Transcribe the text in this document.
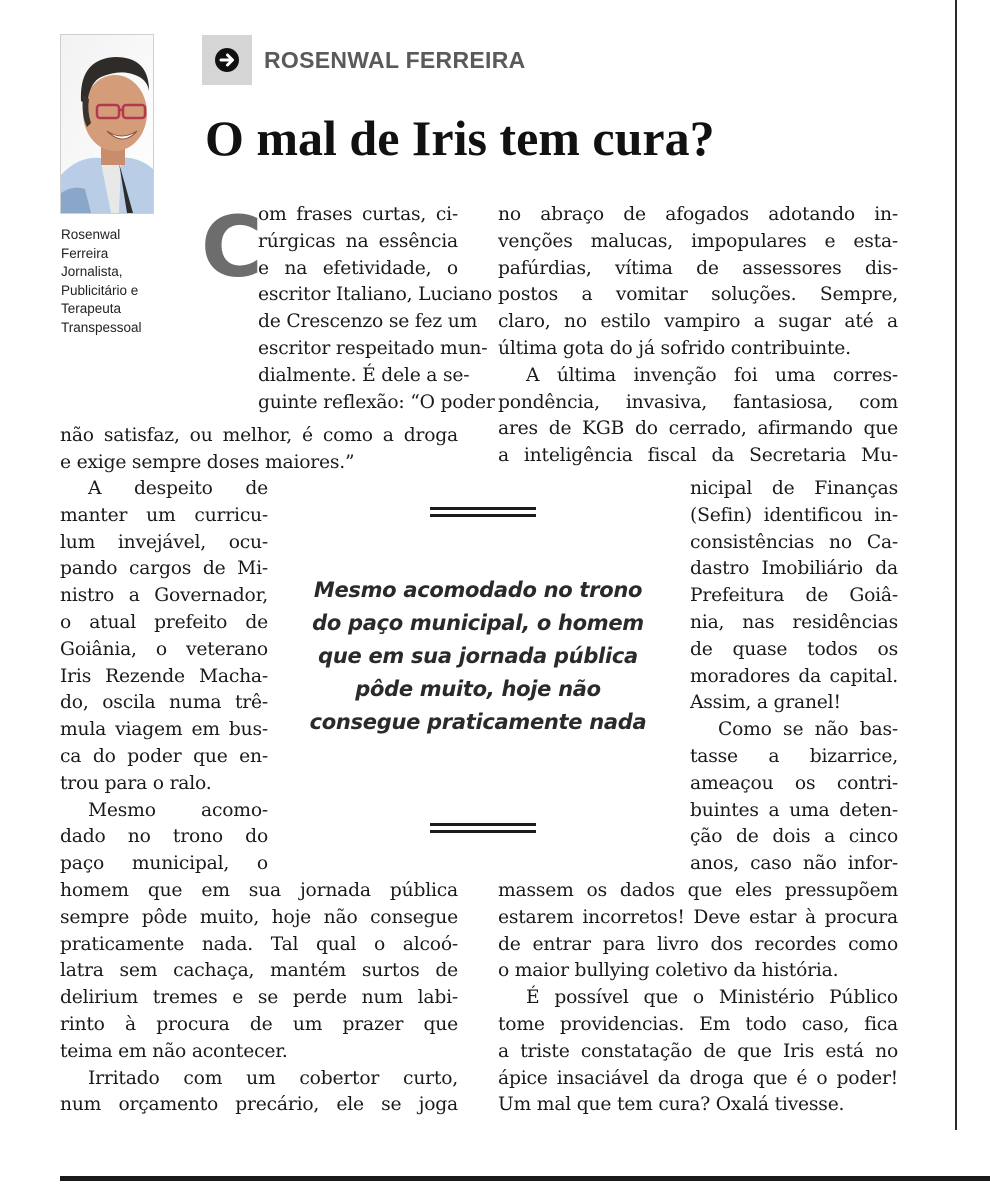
Rosenwal
Ferreira
Jornalista,
Publicitário e
Terapeuta
Transpessoal
ROSENWAL FERREIRA
O mal de Iris tem cura?
C
om frases curtas, ci-
rúrgicas na essência
e na efetividade, o
escritor Italiano, Luciano
de Crescenzo se fez um
escritor respeitado mun-
dialmente. É dele a se-
guinte reflexão: “O poder
não satisfaz, ou melhor, é como a droga
e exige sempre doses maiores.”
A despeito de
manter um curricu-
lum invejável, ocu-
pando cargos de Mi-
nistro a Governador,
o atual prefeito de
Goiânia, o veterano
Iris Rezende Macha-
do, oscila numa trê-
mula viagem em bus-
ca do poder que en-
trou para o ralo.
Mesmo acomo-
dado no trono do
paço municipal, o
homem que em sua jornada pública
sempre pôde muito, hoje não consegue
praticamente nada. Tal qual o alcoó-
latra sem cachaça, mantém surtos de
delirium tremes e se perde num labi-
rinto à procura de um prazer que
teima em não acontecer.
Irritado com um cobertor curto,
num orçamento precário, ele se joga
no abraço de afogados adotando in-
venções malucas, impopulares e esta-
pafúrdias, vítima de assessores dis-
postos a vomitar soluções. Sempre,
claro, no estilo vampiro a sugar até a
última gota do já sofrido contribuinte.
A última invenção foi uma corres-
pondência, invasiva, fantasiosa, com
ares de KGB do cerrado, afirmando que
a inteligência fiscal da Secretaria Mu-
nicipal de Finanças
(Sefin) identificou in-
consistências no Ca-
dastro Imobiliário da
Prefeitura de Goiâ-
nia, nas residências
de quase todos os
moradores da capital.
Assim, a granel!
Como se não bas-
tasse a bizarrice,
ameaçou os contri-
buintes a uma deten-
ção de dois a cinco
anos, caso não infor-
massem os dados que eles pressupõem
estarem incorretos! Deve estar à procura
de entrar para livro dos recordes como
o maior bullying coletivo da história.
É possível que o Ministério Público
tome providencias. Em todo caso, fica
a triste constatação de que Iris está no
ápice insaciável da droga que é o poder!
Um mal que tem cura? Oxalá tivesse.
Mesmo acomodado no trono
do paço municipal, o homem
que em sua jornada pública
pôde muito, hoje não
consegue praticamente nada
